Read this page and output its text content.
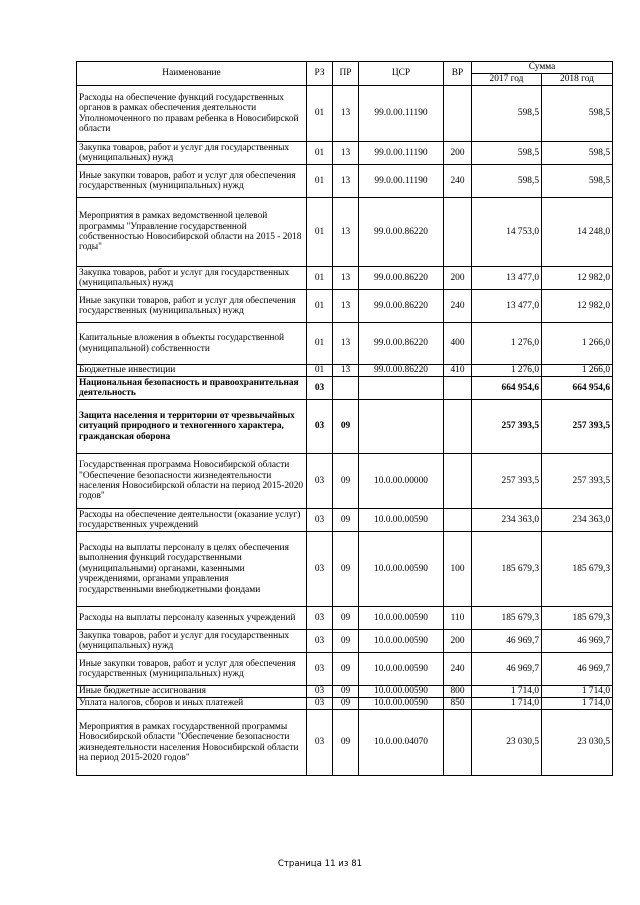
Наименование	РЗ	ПР	ЦСР	ВР	Сумма	
					2017 год	2018 год
Расходы на обеспечение функций государственных органов в рамках обеспечения деятельности Уполномоченного по правам ребенка в Новосибирской области	01	13	99.0.00.11190		598,5	598,5
Закупка товаров, работ и услуг для государственных (муниципальных) нужд	01	13	99.0.00.11190	200	598,5	598,5
Иные закупки товаров, работ и услуг для обеспечения государственных (муниципальных) нужд	01	13	99.0.00.11190	240	598,5	598,5
Мероприятия в рамках ведомственной целевой программы "Управление государственной собственностью Новосибирской области на 2015 - 2018 годы"	01	13	99.0.00.86220		14 753,0	14 248,0
Закупка товаров, работ и услуг для государственных (муниципальных) нужд	01	13	99.0.00.86220	200	13 477,0	12 982,0
Иные закупки товаров, работ и услуг для обеспечения государственных (муниципальных) нужд	01	13	99.0.00.86220	240	13 477,0	12 982,0
Капитальные вложения в объекты государственной (муниципальной) собственности	01	13	99.0.00.86220	400	1 276,0	1 266,0
Бюджетные инвестиции	01	13	99.0.00.86220	410	1 276,0	1 266,0
Национальная безопасность и правоохранительная деятельность	03				664 954,6	664 954,6
Защита населения и территории от чрезвычайных ситуаций природного и техногенного характера, гражданская оборона	03	09			257 393,5	257 393,5
Государственная программа Новосибирской области "Обеспечение безопасности жизнедеятельности населения Новосибирской области на период 2015-2020 годов"	03	09	10.0.00.00000		257 393,5	257 393,5
Расходы на обеспечение деятельности (оказание услуг) государственных учреждений	03	09	10.0.00.00590		234 363,0	234 363,0
Расходы на выплаты персоналу в целях обеспечения выполнения функций государственными (муниципальными) органами, казенными учреждениями, органами управления государственными внебюджетными фондами	03	09	10.0.00.00590	100	185 679,3	185 679,3
Расходы на выплаты персоналу казенных учреждений	03	09	10.0.00.00590	110	185 679,3	185 679,3
Закупка товаров, работ и услуг для государственных (муниципальных) нужд	03	09	10.0.00.00590	200	46 969,7	46 969,7
Иные закупки товаров, работ и услуг для обеспечения государственных (муниципальных) нужд	03	09	10.0.00.00590	240	46 969,7	46 969,7
Иные бюджетные ассигнования	03	09	10.0.00.00590	800	1 714,0	1 714,0
Уплата налогов, сборов и иных платежей	03	09	10.0.00.00590	850	1 714,0	1 714,0
Мероприятия в рамках государственной программы Новосибирской области "Обеспечение безопасности жизнедеятельности населения Новосибирской области на период 2015-2020 годов"	03	09	10.0.00.04070		23 030,5	23 030,5
Страница 11 из 81
